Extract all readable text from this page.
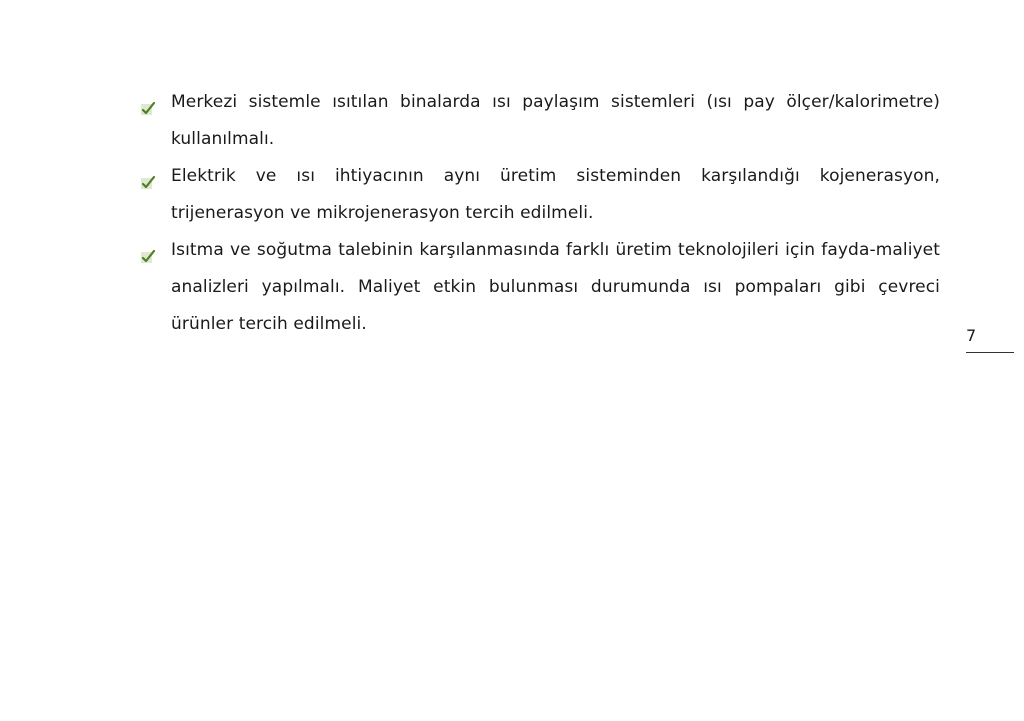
Merkezi sistemle ısıtılan binalarda ısı paylaşım sistemleri (ısı pay ölçer/kalorimetre) kullanılmalı.
Elektrik ve ısı ihtiyacının aynı üretim sisteminden karşılandığı kojenerasyon, trijenerasyon ve mikrojenerasyon tercih edilmeli.
Isıtma ve soğutma talebinin karşılanmasında farklı üretim teknolojileri için fayda-maliyet analizleri yapılmalı. Maliyet etkin bulunması durumunda ısı pompaları gibi çevreci ürünler tercih edilmeli.
7
